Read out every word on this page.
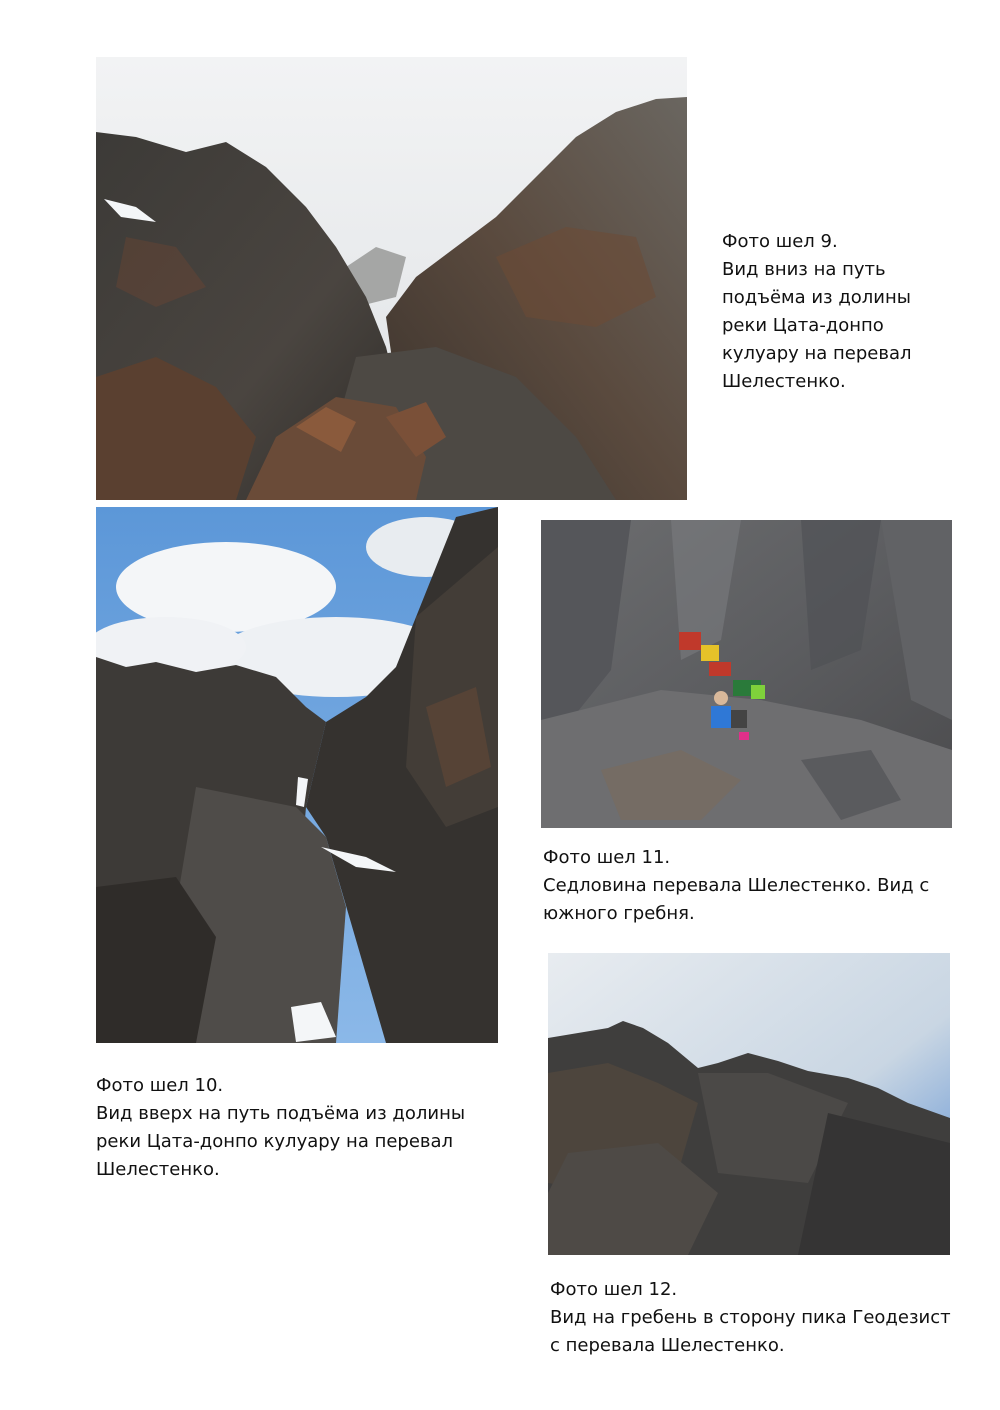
Фото шел 9.
Вид вниз на путь
подъёма из долины
реки Цата-донпо
кулуару на перевал
Шелестенко.
Фото шел 10.
Вид вверх на путь подъёма из долины
реки Цата-донпо кулуару на перевал
Шелестенко.
Фото шел 11.
Седловина перевала Шелестенко. Вид с
южного гребня.
Фото шел 12.
Вид на гребень в сторону пика Геодезист
с перевала Шелестенко.
